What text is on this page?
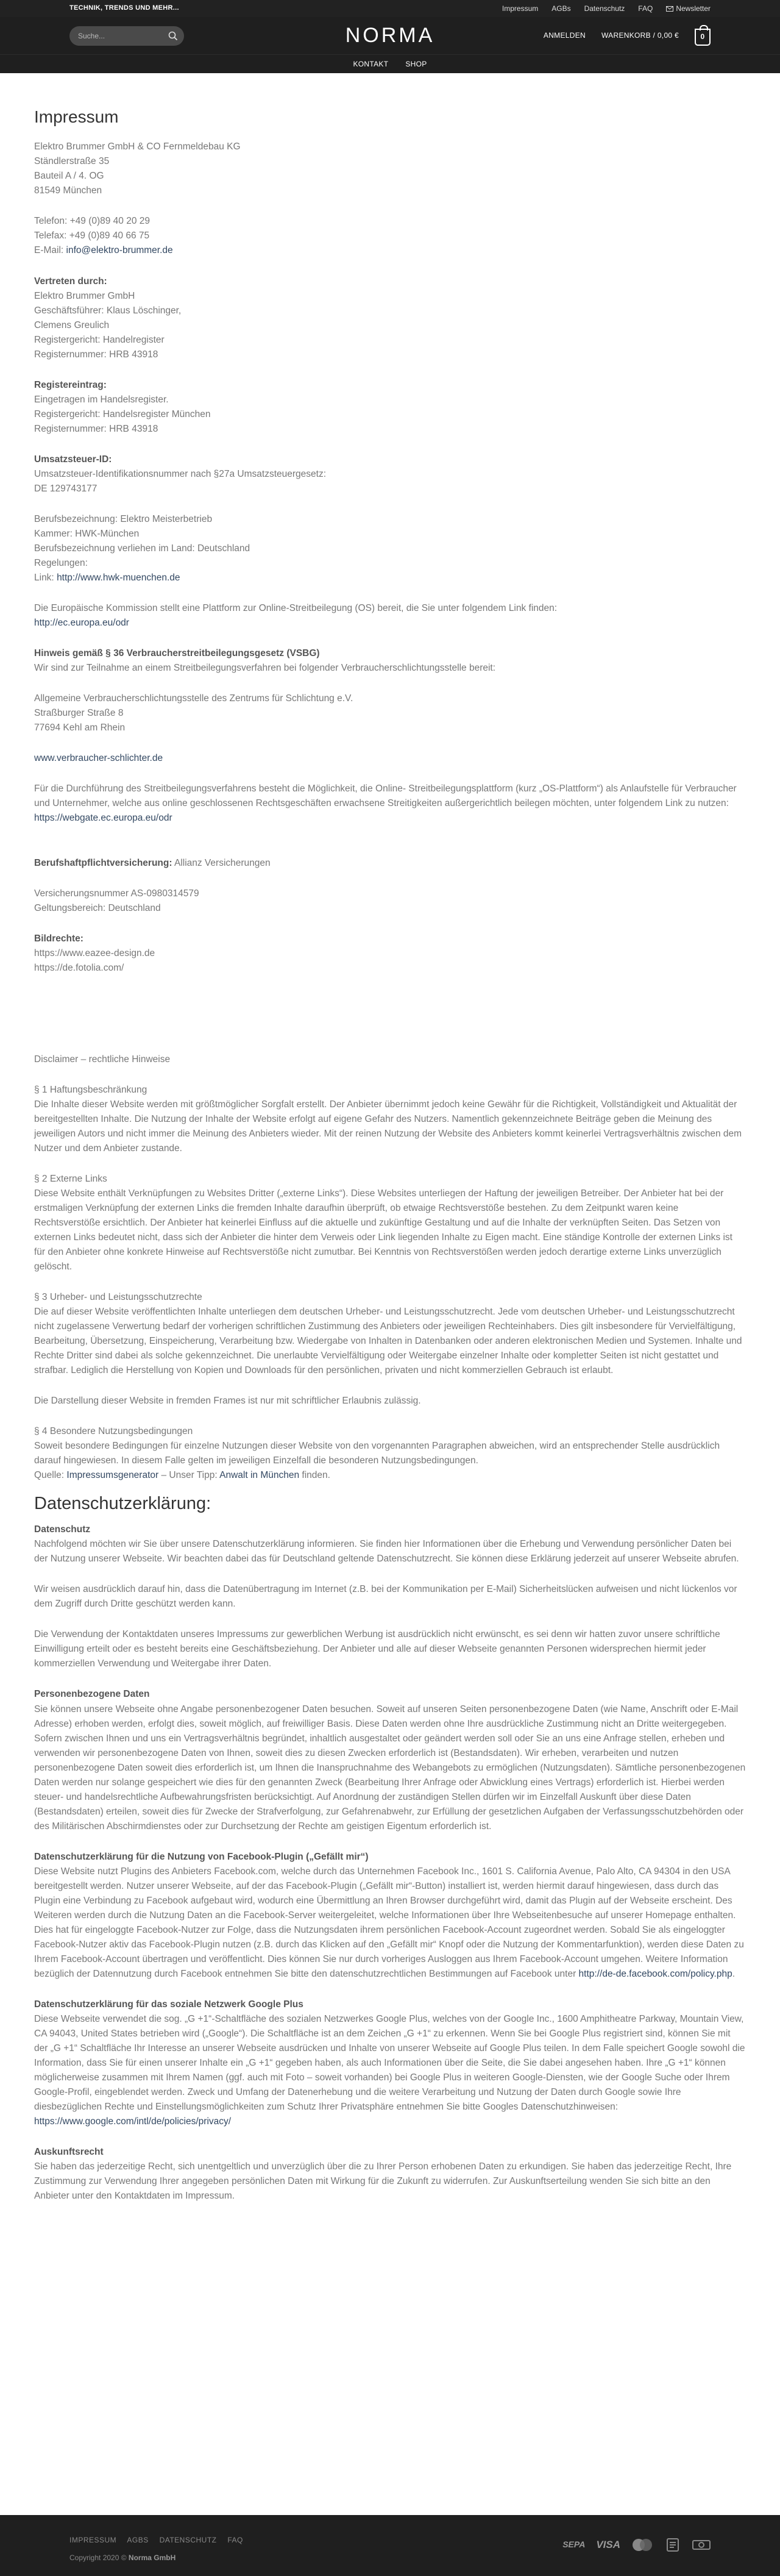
TECHNIK, TRENDS UND MEHR...	Impressum AGBs Datenschutz FAQ	Newsletter
Suche...
NORMA	ANMELDEN WARENKORB / 0,00 €	0
KONTAKT SHOP
Impressum

Elektro Brummer GmbH & CO Fernmeldebau KG
Ständlerstraße 35
Bauteil A / 4. OG
81549 München

Telefon: +49 (0)89 40 20 29
Telefax: +49 (0)89 40 66 75
E-Mail: info@elektro-brummer.de

Vertreten durch:
Elektro Brummer GmbH
Geschäftsführer: Klaus Löschinger,
Clemens Greulich
Registergericht: Handelregister
Registernummer: HRB 43918

Registereintrag:
Eingetragen im Handelsregister.
Registergericht: Handelsregister München
Registernummer: HRB 43918

Umsatzsteuer-ID:
Umsatzsteuer-Identifikationsnummer nach §27a Umsatzsteuergesetz:
DE 129743177

Berufsbezeichnung: Elektro Meisterbetrieb
Kammer: HWK-München
Berufsbezeichnung verliehen im Land: Deutschland
Regelungen:
Link: http://www.hwk-muenchen.de

Die Europäische Kommission stellt eine Plattform zur Online-Streitbeilegung (OS) bereit, die Sie unter folgendem Link finden:
http://ec.europa.eu/odr

Hinweis gemäß § 36 Verbraucherstreitbeilegungsgesetz (VSBG)
Wir sind zur Teilnahme an einem Streitbeilegungsverfahren bei folgender Verbraucherschlichtungsstelle bereit:

Allgemeine Verbraucherschlichtungsstelle des Zentrums für Schlichtung e.V.
Straßburger Straße 8
77694 Kehl am Rhein

www.verbraucher-schlichter.de

Für die Durchführung des Streitbeilegungsverfahrens besteht die Möglichkeit, die Online- Streitbeilegungsplattform (kurz „OS-Plattform“) als Anlaufstelle für Verbraucher und Unternehmer, welche aus online geschlossenen Rechtsgeschäften erwachsene Streitigkeiten außergerichtlich beilegen möchten, unter folgendem Link zu nutzen: https://webgate.ec.europa.eu/odr

Berufshaftpflichtversicherung: Allianz Versicherungen

Versicherungsnummer AS-0980314579
Geltungsbereich: Deutschland

Bildrechte:
https://www.eazee-design.de
https://de.fotolia.com/

Disclaimer – rechtliche Hinweise

§ 1 Haftungsbeschränkung
Die Inhalte dieser Website werden mit größtmöglicher Sorgfalt erstellt. Der Anbieter übernimmt jedoch keine Gewähr für die Richtigkeit, Vollständigkeit und Aktualität der bereitgestellten Inhalte. Die Nutzung der Inhalte der Website erfolgt auf eigene Gefahr des Nutzers. Namentlich gekennzeichnete Beiträge geben die Meinung des jeweiligen Autors und nicht immer die Meinung des Anbieters wieder. Mit der reinen Nutzung der Website des Anbieters kommt keinerlei Vertragsverhältnis zwischen dem Nutzer und dem Anbieter zustande.

§ 2 Externe Links
Diese Website enthält Verknüpfungen zu Websites Dritter („externe Links“). Diese Websites unterliegen der Haftung der jeweiligen Betreiber. Der Anbieter hat bei der erstmaligen Verknüpfung der externen Links die fremden Inhalte daraufhin überprüft, ob etwaige Rechtsverstöße bestehen. Zu dem Zeitpunkt waren keine Rechtsverstöße ersichtlich. Der Anbieter hat keinerlei Einfluss auf die aktuelle und zukünftige Gestaltung und auf die Inhalte der verknüpften Seiten. Das Setzen von externen Links bedeutet nicht, dass sich der Anbieter die hinter dem Verweis oder Link liegenden Inhalte zu Eigen macht. Eine ständige Kontrolle der externen Links ist für den Anbieter ohne konkrete Hinweise auf Rechtsverstöße nicht zumutbar. Bei Kenntnis von Rechtsverstößen werden jedoch derartige externe Links unverzüglich gelöscht.

§ 3 Urheber- und Leistungsschutzrechte
Die auf dieser Website veröffentlichten Inhalte unterliegen dem deutschen Urheber- und Leistungsschutzrecht. Jede vom deutschen Urheber- und Leistungsschutzrecht nicht zugelassene Verwertung bedarf der vorherigen schriftlichen Zustimmung des Anbieters oder jeweiligen Rechteinhabers. Dies gilt insbesondere für Vervielfältigung, Bearbeitung, Übersetzung, Einspeicherung, Verarbeitung bzw. Wiedergabe von Inhalten in Datenbanken oder anderen elektronischen Medien und Systemen. Inhalte und Rechte Dritter sind dabei als solche gekennzeichnet. Die unerlaubte Vervielfältigung oder Weitergabe einzelner Inhalte oder kompletter Seiten ist nicht gestattet und strafbar. Lediglich die Herstellung von Kopien und Downloads für den persönlichen, privaten und nicht kommerziellen Gebrauch ist erlaubt.

Die Darstellung dieser Website in fremden Frames ist nur mit schriftlicher Erlaubnis zulässig.

§ 4 Besondere Nutzungsbedingungen
Soweit besondere Bedingungen für einzelne Nutzungen dieser Website von den vorgenannten Paragraphen abweichen, wird an entsprechender Stelle ausdrücklich darauf hingewiesen. In diesem Falle gelten im jeweiligen Einzelfall die besonderen Nutzungsbedingungen.
Quelle: Impressumsgenerator – Unser Tipp: Anwalt in München finden.

Datenschutzerklärung:

Datenschutz
Nachfolgend möchten wir Sie über unsere Datenschutzerklärung informieren. Sie finden hier Informationen über die Erhebung und Verwendung persönlicher Daten bei der Nutzung unserer Webseite. Wir beachten dabei das für Deutschland geltende Datenschutzrecht. Sie können diese Erklärung jederzeit auf unserer Webseite abrufen.

Wir weisen ausdrücklich darauf hin, dass die Datenübertragung im Internet (z.B. bei der Kommunikation per E-Mail) Sicherheitslücken aufweisen und nicht lückenlos vor dem Zugriff durch Dritte geschützt werden kann.

Die Verwendung der Kontaktdaten unseres Impressums zur gewerblichen Werbung ist ausdrücklich nicht erwünscht, es sei denn wir hatten zuvor unsere schriftliche Einwilligung erteilt oder es besteht bereits eine Geschäftsbeziehung. Der Anbieter und alle auf dieser Webseite genannten Personen widersprechen hiermit jeder kommerziellen Verwendung und Weitergabe ihrer Daten.

Personenbezogene Daten
Sie können unsere Webseite ohne Angabe personenbezogener Daten besuchen. Soweit auf unseren Seiten personenbezogene Daten (wie Name, Anschrift oder E-Mail Adresse) erhoben werden, erfolgt dies, soweit möglich, auf freiwilliger Basis. Diese Daten werden ohne Ihre ausdrückliche Zustimmung nicht an Dritte weitergegeben. Sofern zwischen Ihnen und uns ein Vertragsverhältnis begründet, inhaltlich ausgestaltet oder geändert werden soll oder Sie an uns eine Anfrage stellen, erheben und verwenden wir personenbezogene Daten von Ihnen, soweit dies zu diesen Zwecken erforderlich ist (Bestandsdaten). Wir erheben, verarbeiten und nutzen personenbezogene Daten soweit dies erforderlich ist, um Ihnen die Inanspruchnahme des Webangebots zu ermöglichen (Nutzungsdaten). Sämtliche personenbezogenen Daten werden nur solange gespeichert wie dies für den genannten Zweck (Bearbeitung Ihrer Anfrage oder Abwicklung eines Vertrags) erforderlich ist. Hierbei werden steuer- und handelsrechtliche Aufbewahrungsfristen berücksichtigt. Auf Anordnung der zuständigen Stellen dürfen wir im Einzelfall Auskunft über diese Daten (Bestandsdaten) erteilen, soweit dies für Zwecke der Strafverfolgung, zur Gefahrenabwehr, zur Erfüllung der gesetzlichen Aufgaben der Verfassungsschutzbehörden oder des Militärischen Abschirmdienstes oder zur Durchsetzung der Rechte am geistigen Eigentum erforderlich ist.

Datenschutzerklärung für die Nutzung von Facebook-Plugin („Gefällt mir“)
Diese Website nutzt Plugins des Anbieters Facebook.com, welche durch das Unternehmen Facebook Inc., 1601 S. California Avenue, Palo Alto, CA 94304 in den USA bereitgestellt werden. Nutzer unserer Webseite, auf der das Facebook-Plugin („Gefällt mir“-Button) installiert ist, werden hiermit darauf hingewiesen, dass durch das Plugin eine Verbindung zu Facebook aufgebaut wird, wodurch eine Übermittlung an Ihren Browser durchgeführt wird, damit das Plugin auf der Webseite erscheint. Des Weiteren werden durch die Nutzung Daten an die Facebook-Server weitergeleitet, welche Informationen über Ihre Webseitenbesuche auf unserer Homepage enthalten. Dies hat für eingeloggte Facebook-Nutzer zur Folge, dass die Nutzungsdaten ihrem persönlichen Facebook-Account zugeordnet werden. Sobald Sie als eingeloggter Facebook-Nutzer aktiv das Facebook-Plugin nutzen (z.B. durch das Klicken auf den „Gefällt mir“ Knopf oder die Nutzung der Kommentarfunktion), werden diese Daten zu Ihrem Facebook-Account übertragen und veröffentlicht. Dies können Sie nur durch vorheriges Ausloggen aus Ihrem Facebook-Account umgehen. Weitere Information bezüglich der Datennutzung durch Facebook entnehmen Sie bitte den datenschutzrechtlichen Bestimmungen auf Facebook unter http://de-de.facebook.com/policy.php.

Datenschutzerklärung für das soziale Netzwerk Google Plus
Diese Webseite verwendet die sog. „G +1“-Schaltfläche des sozialen Netzwerkes Google Plus, welches von der Google Inc., 1600 Amphitheatre Parkway, Mountain View, CA 94043, United States betrieben wird („Google“). Die Schaltfläche ist an dem Zeichen „G +1“ zu erkennen. Wenn Sie bei Google Plus registriert sind, können Sie mit der „G +1“ Schaltfläche Ihr Interesse an unserer Webseite ausdrücken und Inhalte von unserer Webseite auf Google Plus teilen. In dem Falle speichert Google sowohl die Information, dass Sie für einen unserer Inhalte ein „G +1“ gegeben haben, als auch Informationen über die Seite, die Sie dabei angesehen haben. Ihre „G +1“ können möglicherweise zusammen mit Ihrem Namen (ggf. auch mit Foto – soweit vorhanden) bei Google Plus in weiteren Google-Diensten, wie der Google Suche oder Ihrem Google-Profil, eingeblendet werden. Zweck und Umfang der Datenerhebung und die weitere Verarbeitung und Nutzung der Daten durch Google sowie Ihre diesbezüglichen Rechte und Einstellungsmöglichkeiten zum Schutz Ihrer Privatsphäre entnehmen Sie bitte Googles Datenschutzhinweisen:
https://www.google.com/intl/de/policies/privacy/

Auskunftsrecht
Sie haben das jederzeitige Recht, sich unentgeltlich und unverzüglich über die zu Ihrer Person erhobenen Daten zu erkundigen. Sie haben das jederzeitige Recht, Ihre Zustimmung zur Verwendung Ihrer angegeben persönlichen Daten mit Wirkung für die Zukunft zu widerrufen. Zur Auskunftserteilung wenden Sie sich bitte an den Anbieter unter den Kontaktdaten im Impressum.

IMPRESSUM AGBS DATENSCHUTZ FAQ
Copyright 2020 © Norma GmbH
SEPA VISA
